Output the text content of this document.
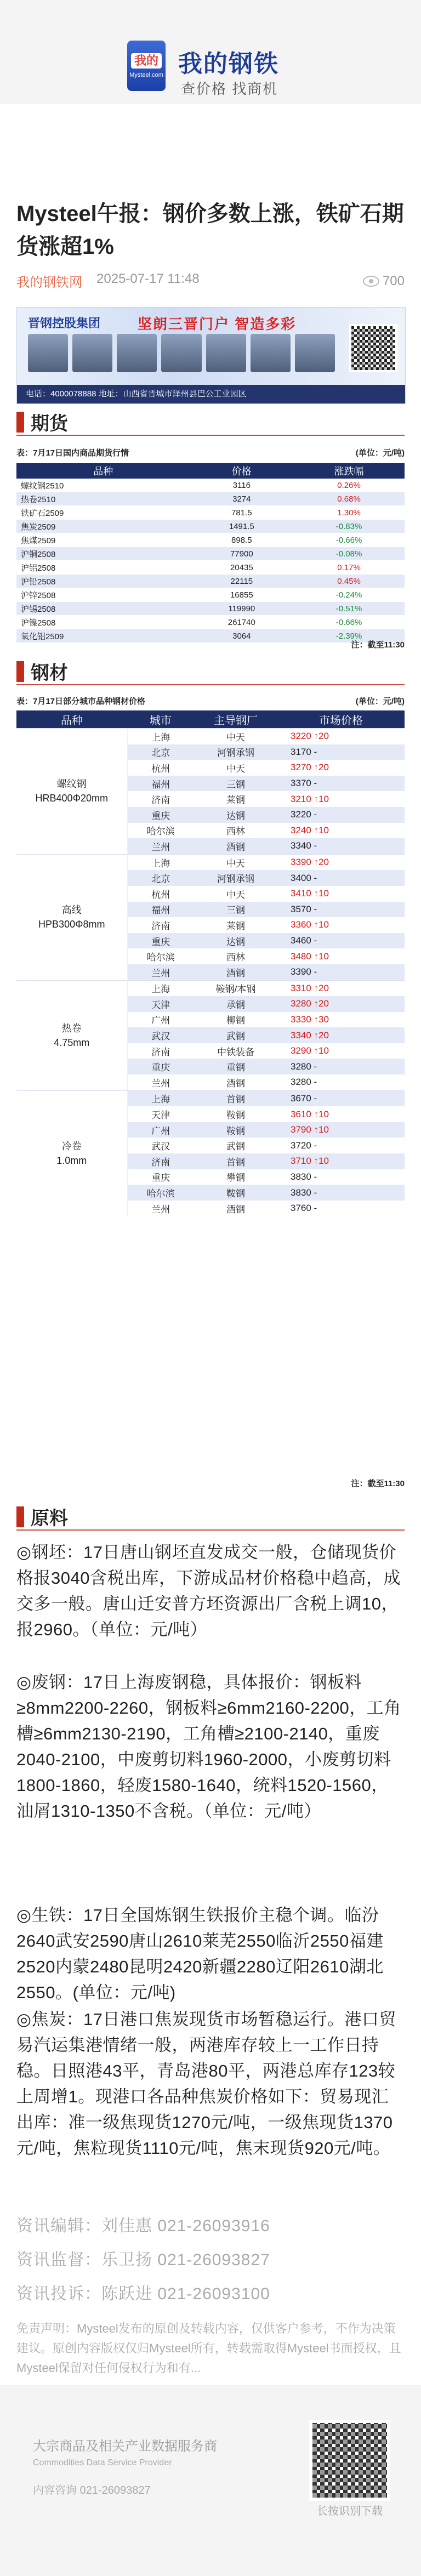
我的
Mysteel.com 我的钢铁
查价格 找商机
Mysteel午报：钢价多数上涨，铁矿石期货涨超1%
我的钢铁网 2025-07-17 11:48	700
晋钢控股集团	坚朗三晋门户 智造多彩
电话：4000078888 地址：山西省晋城市泽州县巴公工业园区
期货
表：7月17日国内商品期货行情	(单位：元/吨)
品种	价格	涨跌幅
螺纹钢2510	3116	0.26%
热卷2510	3274	0.68%
铁矿石2509	781.5	1.30%
焦炭2509	1491.5	-0.83%
焦煤2509	898.5	-0.66%
沪铜2508	77900	-0.08%
沪铝2508	20435	0.17%
沪铅2508	22115	0.45%
沪锌2508	16855	-0.24%
沪锡2508	119990	-0.51%
沪镍2508	261740	-0.66%
氧化铝2509	3064	-2.39%
注：截至11:30
钢材
表：7月17日部分城市品种钢材价格	(单位：元/吨)
品种	城市	主导钢厂	市场价格
螺纹钢
HRB400Φ20mm	上海	中天	3220 ↑20
	北京	河钢承钢	3170 -
	杭州	中天	3270 ↑20
	福州	三钢	3370 -
	济南	莱钢	3210 ↑10
	重庆	达钢	3220 -
	哈尔滨	西林	3240 ↑10
	兰州	酒钢	3340 -
高线
HPB300Φ8mm	上海	中天	3390 ↑20
	北京	河钢承钢	3400 -
	杭州	中天	3410 ↑10
	福州	三钢	3570 -
	济南	莱钢	3360 ↑10
	重庆	达钢	3460 -
	哈尔滨	西林	3480 ↑10
	兰州	酒钢	3390 -
热卷
4.75mm	上海	鞍钢/本钢	3310 ↑20
	天津	承钢	3280 ↑20
	广州	柳钢	3330 ↑30
	武汉	武钢	3340 ↑20
	济南	中铁装备	3290 ↑10
	重庆	重钢	3280 -
	兰州	酒钢	3280 -
冷卷
1.0mm	上海	首钢	3670 -
	天津	鞍钢	3610 ↑10
	广州	鞍钢	3790 ↑10
	武汉	武钢	3720 -
	济南	首钢	3710 ↑10
	重庆	攀钢	3830 -
	哈尔滨	鞍钢	3830 -
	兰州	酒钢	3760 -
注：截至11:30
原料
◎钢坯：17日唐山钢坯直发成交一般，仓储现货价格报3040含税出库，下游成品材价格稳中趋高，成交多一般。唐山迁安普方坯资源出厂含税上调10，报2960。（单位：元/吨）
◎废钢：17日上海废钢稳，具体报价：钢板料≥8mm2200-2260，钢板料≥6mm2160-2200，工角槽≥6mm2130-2190，工角槽≥2100-2140，重废2040-2100，中废剪切料1960-2000，小废剪切料1800-1860，轻废1580-1640，统料1520-1560，油屑1310-1350不含税。（单位：元/吨）
◎生铁：17日全国炼钢生铁报价主稳个调。临汾2640武安2590唐山2610莱芜2550临沂2550福建2520内蒙2480昆明2420新疆2280辽阳2610湖北2550。(单位：元/吨)
◎焦炭：17日港口焦炭现货市场暂稳运行。港口贸易汽运集港情绪一般，两港库存较上一工作日持稳。日照港43平，青岛港80平，两港总库存123较上周增1。现港口各品种焦炭价格如下：贸易现汇出库：准一级焦现货1270元/吨，一级焦现货1370元/吨，焦粒现货1110元/吨，焦末现货920元/吨。
资讯编辑：刘佳惠 021-26093916
资讯监督：乐卫扬 021-26093827
资讯投诉：陈跃进 021-26093100
免责声明：Mysteel发布的原创及转载内容，仅供客户参考，不作为决策建议。原创内容版权仅归Mysteel所有，转载需取得Mysteel书面授权，且Mysteel保留对任何侵权行为和有...
大宗商品及相关产业数据服务商
Commodities Data Service Provider
内容咨询 021-26093827
长按识别下载
